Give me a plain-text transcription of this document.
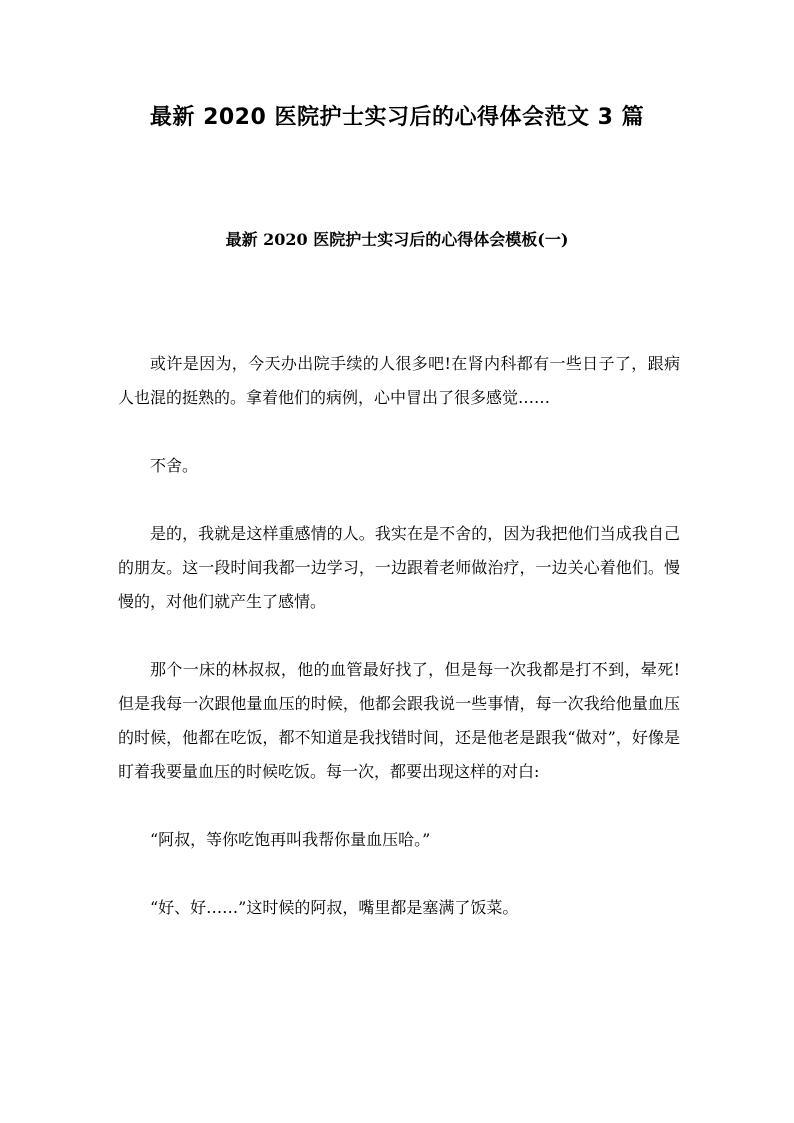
最新 2020 医院护士实习后的心得体会范文 3 篇
最新 2020 医院护士实习后的心得体会模板(一)

或许是因为，今天办出院手续的人很多吧!在肾内科都有一些日子了，跟病人也混的挺熟的。拿着他们的病例，心中冒出了很多感觉……

不舍。

是的，我就是这样重感情的人。我实在是不舍的，因为我把他们当成我自己的朋友。这一段时间我都一边学习，一边跟着老师做治疗，一边关心着他们。慢慢的，对他们就产生了感情。

那个一床的林叔叔，他的血管最好找了，但是每一次我都是打不到，晕死!但是我每一次跟他量血压的时候，他都会跟我说一些事情，每一次我给他量血压的时候，他都在吃饭，都不知道是我找错时间，还是他老是跟我“做对”，好像是盯着我要量血压的时候吃饭。每一次，都要出现这样的对白:

“阿叔，等你吃饱再叫我帮你量血压哈。”

“好、好……”这时候的阿叔，嘴里都是塞满了饭菜。
